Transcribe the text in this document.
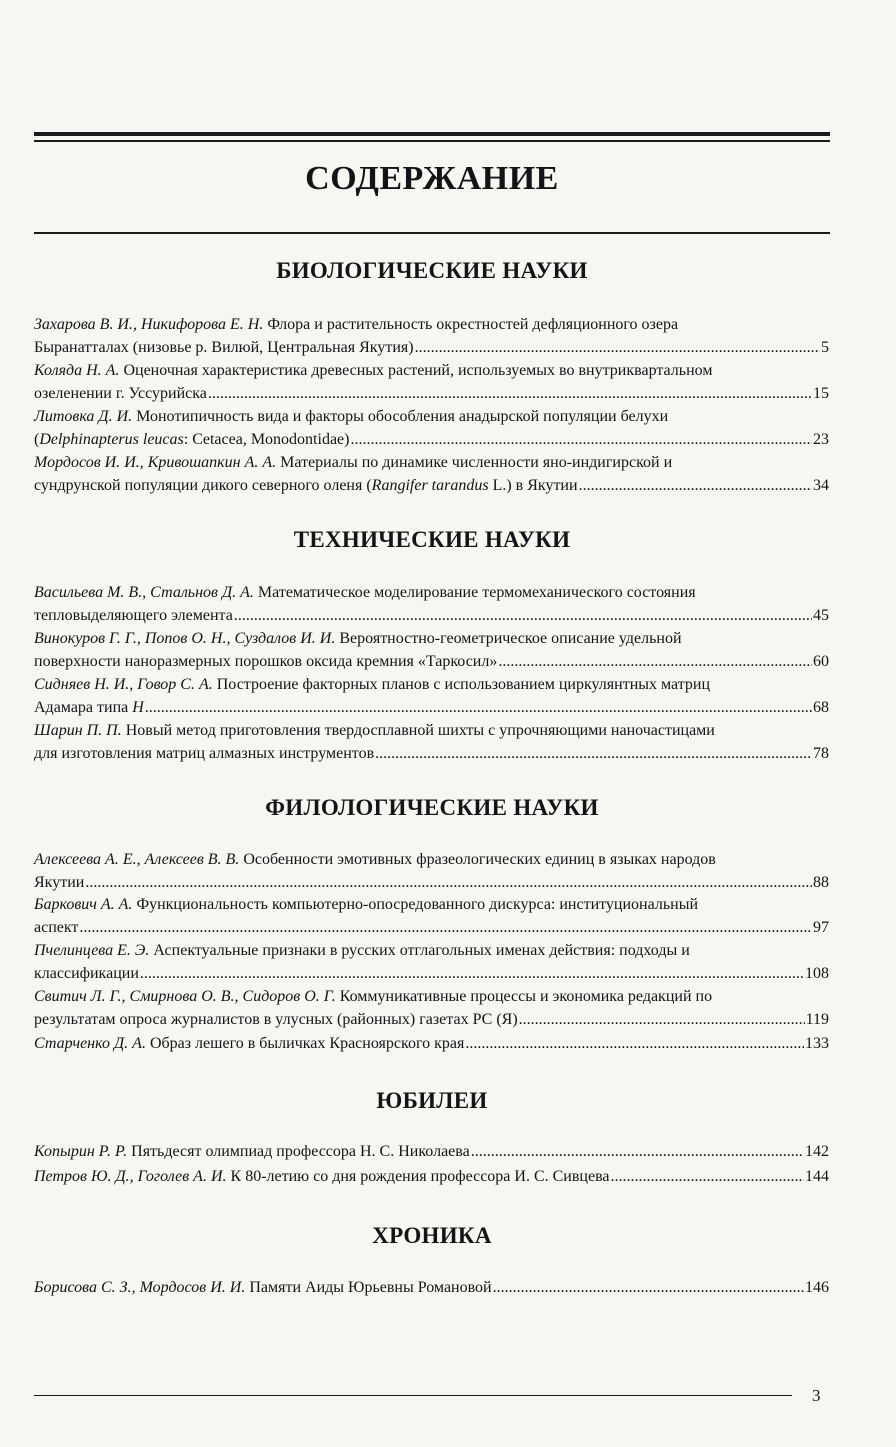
СОДЕРЖАНИЕ
БИОЛОГИЧЕСКИЕ НАУКИ
Захарова В. И., Никифорова Е. Н. Флора и растительность окрестностей дефляционного озера
Быранатталах (низовье р. Вилюй, Центральная Якутия) .....	5
Коляда Н. А. Оценочная характеристика древесных растений, используемых во внутриквартальном
озеленении г. Уссурийска .....	15
Литовка Д. И. Монотипичность вида и факторы обособления анадырской популяции белухи
(Delphinapterus leucas: Cetacea, Monodontidae) .....	23
Мордосов И. И., Кривошапкин А. А. Материалы по динамике численности яно-индигирской и
сундрунской популяции дикого северного оленя (Rangifer tarandus L.) в Якутии .....	34
ТЕХНИЧЕСКИЕ НАУКИ
Васильева М. В., Стальнов Д. А. Математическое моделирование термомеханического состояния
тепловыделяющего элемента .....	45
Винокуров Г. Г., Попов О. Н., Суздалов И. И. Вероятностно-геометрическое описание удельной
поверхности наноразмерных порошков оксида кремния «Таркосил» .....	60
Сидняев Н. И., Говор С. А. Построение факторных планов с использованием циркулянтных матриц
Адамара типа H .....	68
Шарин П. П. Новый метод приготовления твердосплавной шихты с упрочняющими наночастицами
для изготовления матриц алмазных инструментов .....	78
ФИЛОЛОГИЧЕСКИЕ НАУКИ
Алексеева А. Е., Алексеев В. В. Особенности эмотивных фразеологических единиц в языках народов
Якутии .....	88
Баркович А. А. Функциональность компьютерно-опосредованного дискурса: институциональный
аспект .....	97
Пчелинцева Е. Э. Аспектуальные признаки в русских отглагольных именах действия: подходы и
классификации .....	108
Свитич Л. Г., Смирнова О. В., Сидоров О. Г. Коммуникативные процессы и экономика редакций по
результатам опроса журналистов в улусных (районных) газетах РС (Я) .....	119
Старченко Д. А. Образ лешего в быличках Красноярского края .....	133
ЮБИЛЕИ
Копырин Р. Р. Пятьдесят олимпиад профессора Н. С. Николаева .....	142
Петров Ю. Д., Гоголев А. И. К 80-летию со дня рождения профессора И. С. Сивцева .....	144
ХРОНИКА
Борисова С. З., Мордосов И. И. Памяти Аиды Юрьевны Романовой .....	146
3
